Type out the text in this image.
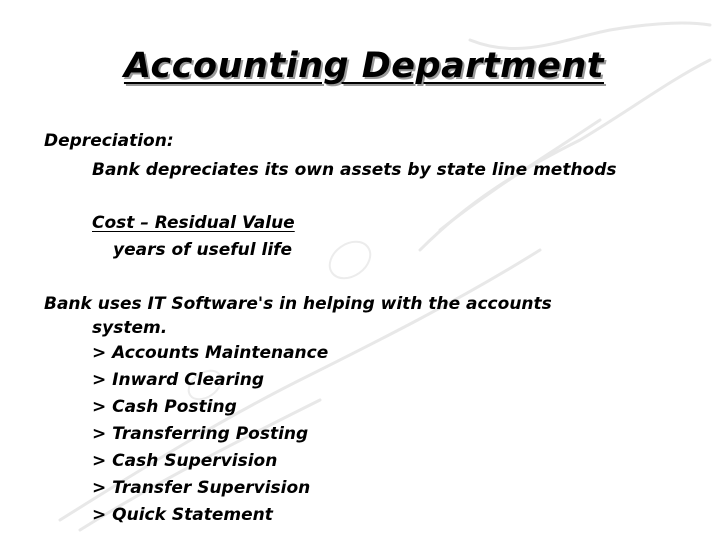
Accounting Department
Depreciation:
Bank depreciates its own assets by state line methods
Cost – Residual Value
years of useful life
Bank uses IT Software's in helping with the accounts
system.
> Accounts Maintenance
> Inward Clearing
> Cash Posting
> Transferring Posting
> Cash Supervision
> Transfer Supervision
> Quick Statement
